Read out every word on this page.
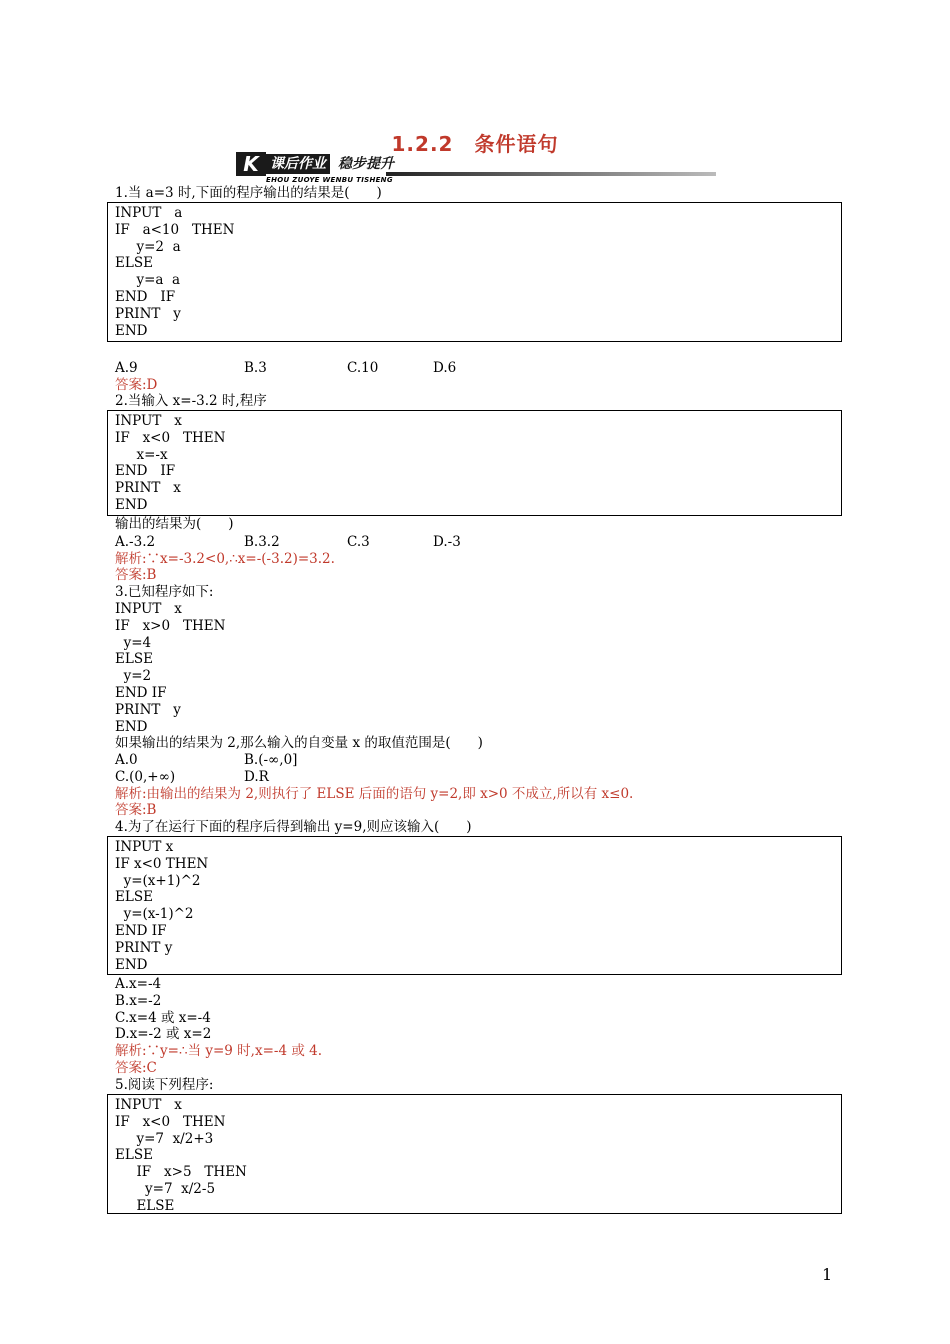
1.2.2　条件语句
K 课后作业 稳步提升
EHOU ZUOYE WENBU TISHENG
1.当 a=3 时,下面的程序输出的结果是(　　)
INPUT   a
IF   a<10   THEN
y=2  a
ELSE
y=a  a
END   IF
PRINT   y
END
A.9	B.3	C.10	D.6
答案:D
2.当输入 x=-3.2 时,程序
INPUT   x
IF   x<0   THEN
x=-x
END   IF
PRINT   x
END
输出的结果为(　　)
A.-3.2	B.3.2	C.3	D.-3
解析:∵x=-3.2<0,∴x=-(-3.2)=3.2.
答案:B
3.已知程序如下:
INPUT   x
IF   x>0   THEN
y=4
ELSE
y=2
END IF
PRINT   y
END
如果输出的结果为 2,那么输入的自变量 x 的取值范围是(　　)
A.0	B.(-∞,0]
C.(0,+∞)	D.R
解析:由输出的结果为 2,则执行了 ELSE 后面的语句 y=2,即 x>0 不成立,所以有 x≤0.
答案:B
4.为了在运行下面的程序后得到输出 y=9,则应该输入(　　)
INPUT x
IF x<0 THEN
y=(x+1)^2
ELSE
y=(x-1)^2
END IF
PRINT y
END
A.x=-4
B.x=-2
C.x=4 或 x=-4
D.x=-2 或 x=2
解析:∵y=∴当 y=9 时,x=-4 或 4.
答案:C
5.阅读下列程序:
INPUT   x
IF   x<0   THEN
y=7  x/2+3
ELSE
IF   x>5   THEN
y=7  x/2-5
ELSE
1
